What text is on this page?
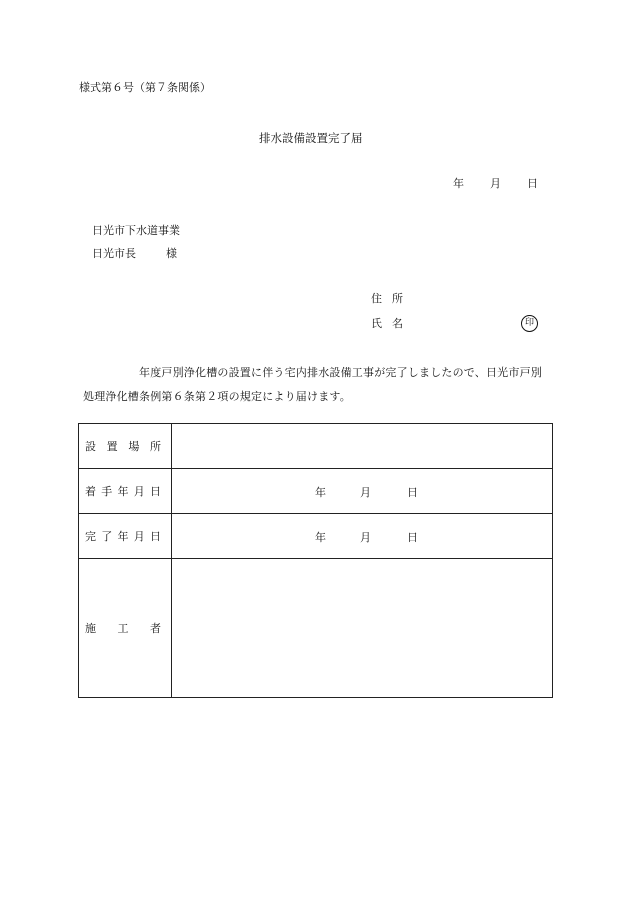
様式第６号（第７条関係）
排水設備設置完了届
年 月 日
日光市下水道事業
日光市長	様
住所
氏名	印
年度戸別浄化槽の設置に伴う宅内排水設備工事が完了しましたので、日光市戸別処理浄化槽条例第６条第２項の規定により届けます。
設 置 場 所	

着 手 年 月 日	年 月 日

完 了 年 月 日	年 月 日

施 工 者	
